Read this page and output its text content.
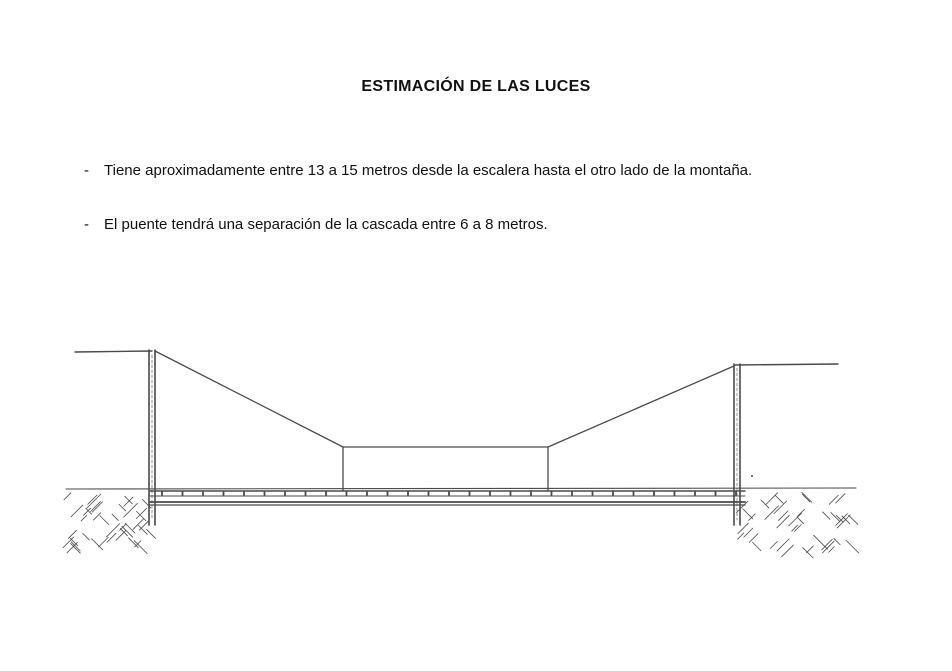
ESTIMACIÓN DE LAS LUCES
-	Tiene aproximadamente entre 13 a 15 metros desde la escalera hasta el otro lado de la montaña.
-	El puente tendrá una separación de la cascada entre 6 a 8 metros.
